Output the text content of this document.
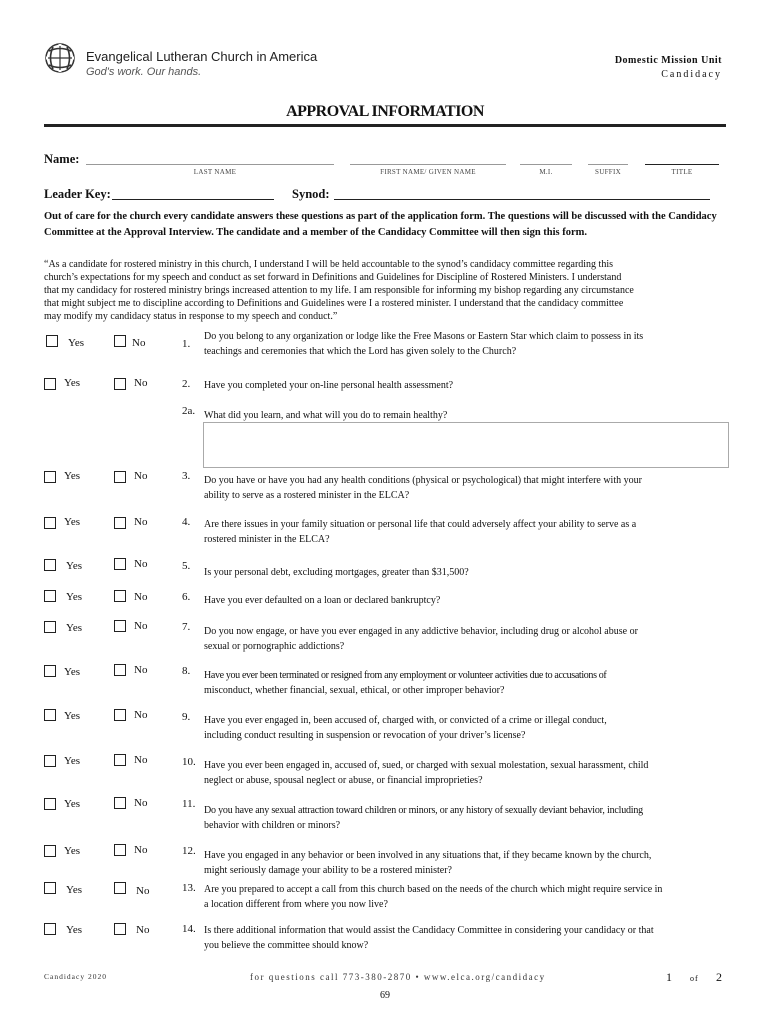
Evangelical Lutheran Church in America
God's work. Our hands.
Domestic Mission Unit
Candidacy
APPROVAL INFORMATION
Name:
LAST NAME	FIRST NAME/ GIVEN NAME	M.I.	SUFFIX	TITLE
Leader Key:	Synod:
Out of care for the church every candidate answers these questions as part of the application form. The questions will be discussed with the Candidacy Committee at the Approval Interview. The candidate and a member of the Candidacy Committee will then sign this form.
“As a candidate for rostered ministry in this church, I understand I will be held accountable to the synod’s candidacy committee regarding this
church’s expectations for my speech and conduct as set forward in Definitions and Guidelines for Discipline of Rostered Ministers. I understand
that my candidacy for rostered ministry brings increased attention to my life. I am responsible for informing my bishop regarding any circumstance
that might subject me to discipline according to Definitions and Guidelines were I a rostered minister. I understand that the candidacy committee
may modify my candidacy status in response to my speech and conduct.”
Yes	No	1.
Do you belong to any organization or lodge like the Free Masons or Eastern Star which claim to possess in its
teachings and ceremonies that which the Lord has given solely to the Church?
Yes	No	2. Have you completed your on-line personal health assessment?
2a. What did you learn, and what will you do to remain healthy?
Yes	No	3. Do you have or have you had any health conditions (physical or psychological) that might interfere with your
ability to serve as a rostered minister in the ELCA?
Yes	No	4. Are there issues in your family situation or personal life that could adversely affect your ability to serve as a
rostered minister in the ELCA?
Yes	No	5.
Is your personal debt, excluding mortgages, greater than $31,500?
Yes	No	6. Have you ever defaulted on a loan or declared bankruptcy?
Yes	No	7. Do you now engage, or have you ever engaged in any addictive behavior, including drug or alcohol abuse or
sexual or pornographic addictions?
Yes	No	8. Have you ever been terminated or resigned from any employment or volunteer activities due to accusations of
misconduct, whether financial, sexual, ethical, or other improper behavior?
Yes	No	9. Have you ever engaged in, been accused of, charged with, or convicted of a crime or illegal conduct,
including conduct resulting in suspension or revocation of your driver’s license?
Yes	No	10. Have you ever been engaged in, accused of, sued, or charged with sexual molestation, sexual harassment, child
neglect or abuse, spousal neglect or abuse, or financial improprieties?
Yes	No	11.
Do you have any sexual attraction toward children or minors, or any history of sexually deviant behavior, including
behavior with children or minors?
Yes	No	12. Have you engaged in any behavior or been involved in any situations that, if they became known by the church,
might seriously damage your ability to be a rostered minister?
Yes	No	13. Are you prepared to accept a call from this church based on the needs of the church which might require service in
a location different from where you now live?
Yes	No	14. Is there additional information that would assist the Candidacy Committee in considering your candidacy or that
you believe the committee should know?
Candidacy 2020	for questions call 773-380-2870 • www.elca.org/candidacy	1 of 2
69
